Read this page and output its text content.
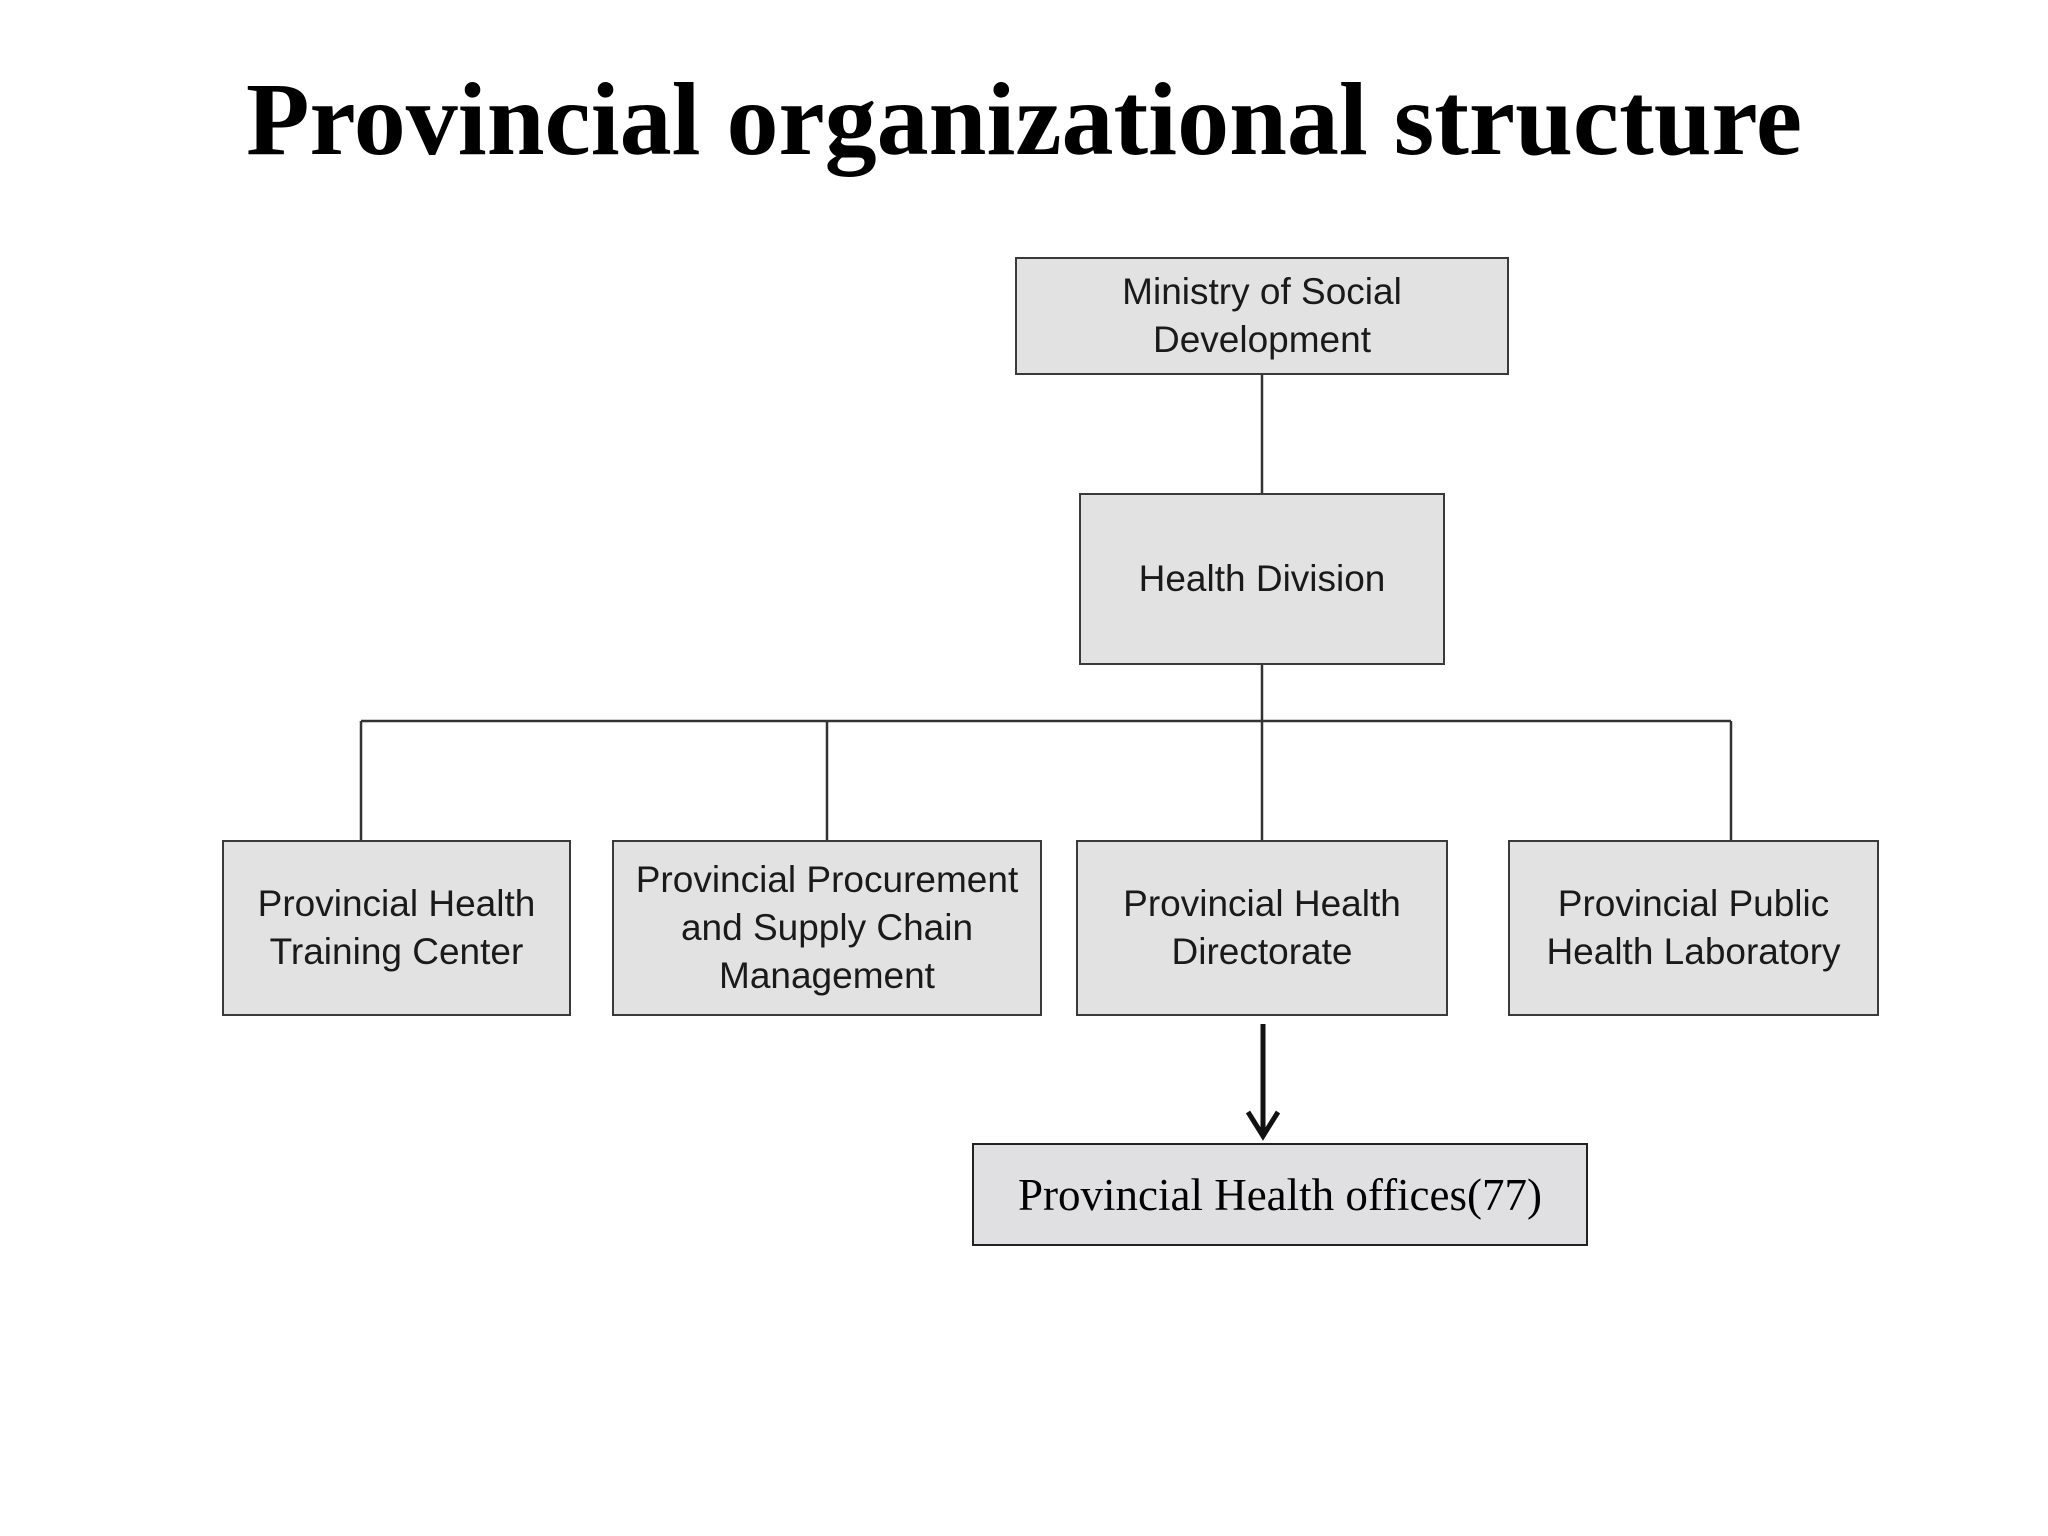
Provincial organizational structure
Ministry of Social
Development
Health Division
Provincial Health
Training Center
Provincial Procurement
and Supply Chain
Management
Provincial Health
Directorate
Provincial Public
Health Laboratory
Provincial Health offices(77)
